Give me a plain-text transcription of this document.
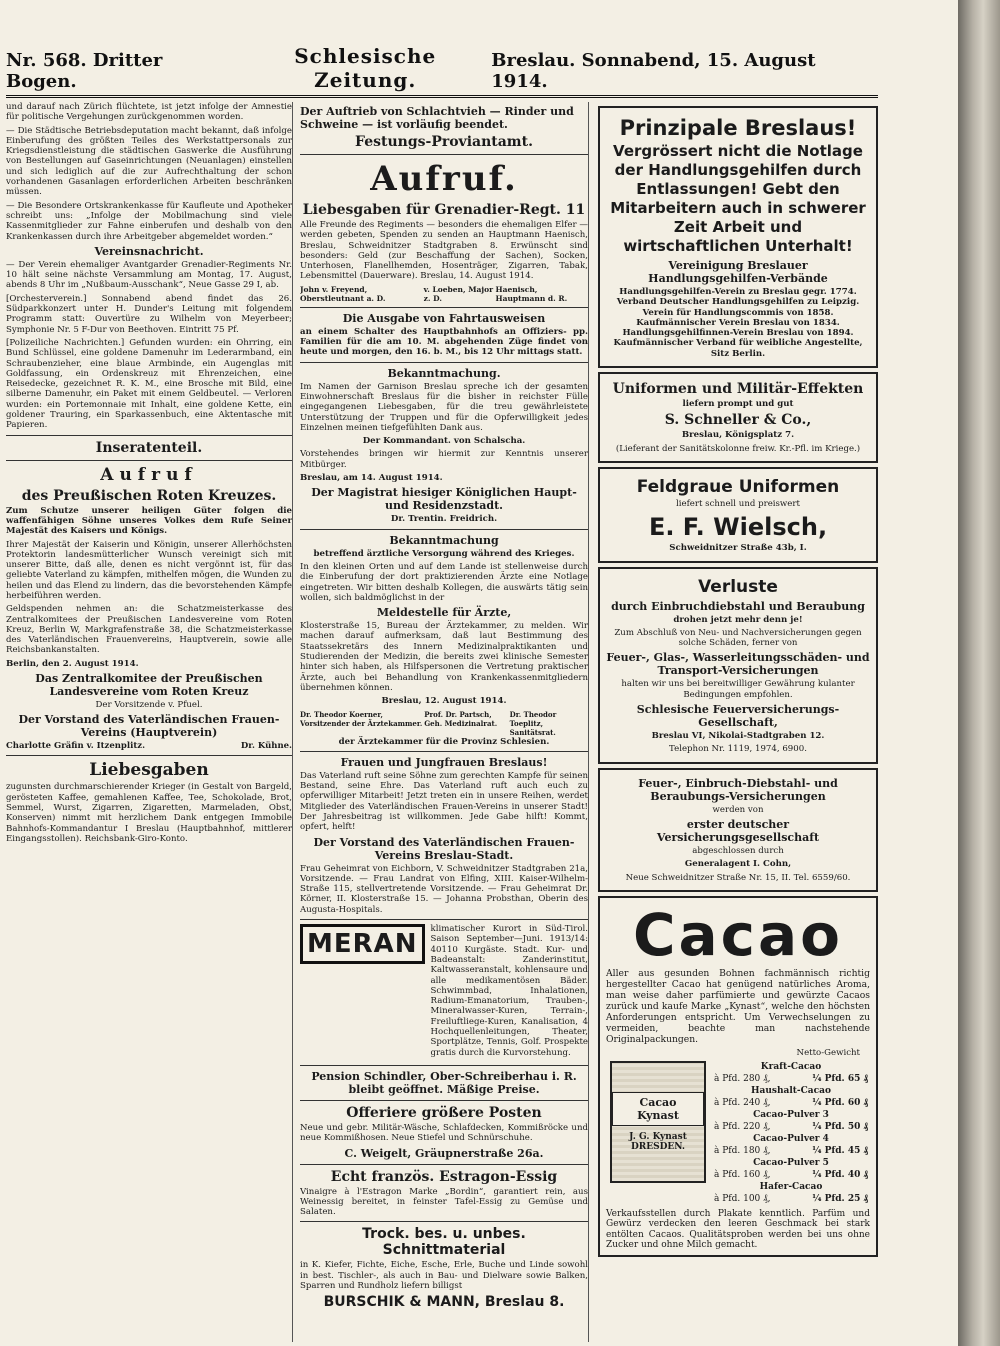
Nr. 568. Dritter Bogen.
Schlesische Zeitung.
Breslau. Sonnabend, 15. August 1914.

und darauf nach Zürich flüchtete, ist jetzt infolge der Amnestie für politische Vergehungen zurückgenommen worden.

— Die Städtische Betriebsdeputation macht bekannt, daß infolge Einberufung des größten Teiles des Werkstattpersonals zur Kriegsdienstleistung die städtischen Gaswerke die Ausführung von Bestellungen auf Gaseinrichtungen (Neuanlagen) einstellen und sich lediglich auf die zur Aufrechthaltung der schon vorhandenen Gasanlagen erforderlichen Arbeiten beschränken müssen.

— Die Besondere Ortskrankenkasse für Kaufleute und Apotheker schreibt uns: „Infolge der Mobilmachung sind viele Kassenmitglieder zur Fahne einberufen und deshalb von den Krankenkassen durch ihre Arbeitgeber abgemeldet worden.“

Vereinsnachricht.

— Der Verein ehemaliger Avantgarder Grenadier-Regiments Nr. 10 hält seine nächste Versammlung am Montag, 17. August, abends 8 Uhr im „Nußbaum-Ausschank“, Neue Gasse 29 I, ab.

[Orchesterverein.] Sonnabend abend findet das 26. Südparkkonzert unter H. Dunder's Leitung mit folgendem Programm statt: Ouvertüre zu Wilhelm von Meyerbeer; Symphonie Nr. 5 F-Dur von Beethoven. Eintritt 75 Pf.

[Polizeiliche Nachrichten.] Gefunden wurden: ein Ohrring, ein Bund Schlüssel, eine goldene Damenuhr im Lederarmband, ein Schraubenzieher, eine blaue Armbinde, ein Augenglas mit Goldfassung, ein Ordenskreuz mit Ehrenzeichen, eine Reisedecke, gezeichnet R. K. M., eine Brosche mit Bild, eine silberne Damenuhr, ein Paket mit einem Geldbeutel. — Verloren wurden: ein Portemonnaie mit Inhalt, eine goldene Kette, ein goldener Trauring, ein Sparkassenbuch, eine Aktentasche mit Papieren.

Inseratenteil.
Aufruf
des Preußischen Roten Kreuzes.

Zum Schutze unserer heiligen Güter folgen die waffenfähigen Söhne unseres Volkes dem Rufe Seiner Majestät des Kaisers und Königs.

Ihrer Majestät der Kaiserin und Königin, unserer Allerhöchsten Protektorin landesmütterlicher Wunsch vereinigt sich mit unserer Bitte, daß alle, denen es nicht vergönnt ist, für das geliebte Vaterland zu kämpfen, mithelfen mögen, die Wunden zu heilen und das Elend zu lindern, das die bevorstehenden Kämpfe herbeiführen werden.

Geldspenden nehmen an: die Schatzmeisterkasse des Zentralkomitees der Preußischen Landesvereine vom Roten Kreuz, Berlin W, Markgrafenstraße 38, die Schatzmeisterkasse des Vaterländischen Frauenvereins, Hauptverein, sowie alle Reichsbankanstalten.

Berlin, den 2. August 1914.

Das Zentralkomitee der Preußischen Landesvereine vom Roten Kreuz
Der Vorsitzende v. Pfuel.
Der Vorstand des Vaterländischen Frauen-Vereins (Hauptverein)
Charlotte Gräfin v. Itzenplitz.	Dr. Kühne.
Liebesgaben

zugunsten durchmarschierender Krieger (in Gestalt von Bargeld, gerösteten Kaffee, gemahlenen Kaffee, Tee, Schokolade, Brot, Semmel, Wurst, Zigarren, Zigaretten, Marmeladen, Obst, Konserven) nimmt mit herzlichem Dank entgegen Immobile Bahnhofs-Kommandantur I Breslau (Hauptbahnhof, mittlerer Eingangsstollen). Reichsbank-Giro-Konto.

Der Auftrieb von Schlachtvieh — Rinder und Schweine — ist vorläufig beendet.
Festungs-Proviantamt.
Aufruf.
Liebesgaben für Grenadier-Regt. 11

Alle Freunde des Regiments — besonders die ehemaligen Elfer — werden gebeten, Spenden zu senden an Hauptmann Haenisch, Breslau, Schweidnitzer Stadtgraben 8. Erwünscht sind besonders: Geld (zur Beschaffung der Sachen), Socken, Unterhosen, Flanellhemden, Hosenträger, Zigarren, Tabak, Lebensmittel (Dauerware). Breslau, 14. August 1914.

John v. Freyend, Oberstleutnant a. D.
v. Loeben, Major z. D.
Haenisch, Hauptmann d. R.
Die Ausgabe von Fahrtausweisen

an einem Schalter des Hauptbahnhofs an Offiziers- pp. Familien für die am 10. M. abgehenden Züge findet von heute und morgen, den 16. b. M., bis 12 Uhr mittags statt.

Bekanntmachung.

Im Namen der Garnison Breslau spreche ich der gesamten Einwohnerschaft Breslaus für die bisher in reichster Fülle eingegangenen Liebesgaben, für die treu gewährleistete Unterstützung der Truppen und für die Opferwilligkeit jedes Einzelnen meinen tiefgefühlten Dank aus.

Der Kommandant. von Schalscha.

Vorstehendes bringen wir hiermit zur Kenntnis unserer Mitbürger.

Breslau, am 14. August 1914.
Der Magistrat hiesiger Königlichen Haupt- und Residenzstadt.
Dr. Trentin. Freidrich.
Bekanntmachung
betreffend ärztliche Versorgung während des Krieges.

In den kleinen Orten und auf dem Lande ist stellenweise durch die Einberufung der dort praktizierenden Ärzte eine Notlage eingetreten. Wir bitten deshalb Kollegen, die auswärts tätig sein wollen, sich baldmöglichst in der

Meldestelle für Ärzte,

Klosterstraße 15, Bureau der Ärztekammer, zu melden. Wir machen darauf aufmerksam, daß laut Bestimmung des Staatssekretärs des Innern Medizinalpraktikanten und Studierenden der Medizin, die bereits zwei klinische Semester hinter sich haben, als Hilfspersonen die Vertretung praktischer Ärzte, auch bei Behandlung von Krankenkassenmitgliedern übernehmen können.

Breslau, 12. August 1914.
Dr. Theodor Koerner, Vorsitzender der Ärztekammer.
Prof. Dr. Partsch, Geh. Medizinalrat.
Dr. Theodor Toeplitz, Sanitätsrat.
der Ärztekammer für die Provinz Schlesien.
Frauen und Jungfrauen Breslaus!

Das Vaterland ruft seine Söhne zum gerechten Kampfe für seinen Bestand, seine Ehre. Das Vaterland ruft auch euch zu opferwilliger Mitarbeit! Jetzt treten ein in unsere Reihen, werdet Mitglieder des Vaterländischen Frauen-Vereins in unserer Stadt! Der Jahresbeitrag ist willkommen. Jede Gabe hilft! Kommt, opfert, helft!

Der Vorstand des Vaterländischen Frauen-Vereins Breslau-Stadt.

Frau Geheimrat von Eichborn, V. Schweidnitzer Stadtgraben 21a, Vorsitzende. — Frau Landrat von Elfing, XIII. Kaiser-Wilhelm-Straße 115, stellvertretende Vorsitzende. — Frau Geheimrat Dr. Körner, II. Klosterstraße 15. — Johanna Probsthan, Oberin des Augusta-Hospitals.

MERAN	klimatischer Kurort in Süd-Tirol. Saison September—Juni. 1913/14: 40110 Kurgäste. Stadt. Kur- und Badeanstalt: Zanderinstitut, Kaltwasseranstalt, kohlensaure und alle medikamentösen Bäder. Schwimmbad, Inhalationen, Radium-Emanatorium, Trauben-, Mineralwasser-Kuren, Terrain-, Freiluftliege-Kuren, Kanalisation, 4 Hochquellenleitungen, Theater, Sportplätze, Tennis, Golf. Prospekte gratis durch die Kurvorstehung.

Pension Schindler, Ober-Schreiberhau i. R. bleibt geöffnet. Mäßige Preise.
Offeriere größere Posten

Neue und gebr. Militär-Wäsche, Schlafdecken, Kommißröcke und neue Kommißhosen. Neue Stiefel und Schnürschuhe.

C. Weigelt, Gräupnerstraße 26a.
Echt französ. Estragon-Essig

Vinaigre à l'Estragon Marke „Bordin“, garantiert rein, aus Weinessig bereitet, in feinster Tafel-Essig zu Gemüse und Salaten.

Trock. bes. u. unbes. Schnittmaterial

in K. Kiefer, Fichte, Eiche, Esche, Erle, Buche und Linde sowohl in best. Tischler-, als auch in Bau- und Dielware sowie Balken, Sparren und Rundholz liefern billigst

BURSCHIK & MANN, Breslau 8.
Prinzipale Breslaus!
Vergrössert nicht die Notlage der Handlungsgehilfen durch Entlassungen! Gebt den Mitarbeitern auch in schwerer Zeit Arbeit und wirtschaftlichen Unterhalt!
Vereinigung Breslauer Handlungsgehilfen-Verbände

Handlungsgehilfen-Verein zu Breslau gegr. 1774. Verband Deutscher Handlungsgehilfen zu Leipzig. Verein für Handlungscommis von 1858. Kaufmännischer Verein Breslau von 1834. Handlungsgehilfinnen-Verein Breslau von 1894. Kaufmännischer Verband für weibliche Angestellte, Sitz Berlin.

Uniformen und Militär-Effekten
liefern prompt und gut
S. Schneller & Co.,
Breslau, Königsplatz 7.
(Lieferant der Sanitätskolonne freiw. Kr.-Pfl. im Kriege.)
Feldgraue Uniformen
liefert schnell und preiswert
E. F. Wielsch,
Schweidnitzer Straße 43b, I.
Verluste
durch Einbruchdiebstahl und Beraubung
drohen jetzt mehr denn je!

Zum Abschluß von Neu- und Nachversicherungen gegen solche Schäden, ferner von

Feuer-, Glas-, Wasserleitungsschäden- und Transport-Versicherungen

halten wir uns bei bereitwilliger Gewährung kulanter Bedingungen empfohlen.

Schlesische Feuerversicherungs-Gesellschaft,
Breslau VI, Nikolai-Stadtgraben 12.
Telephon Nr. 1119, 1974, 6900.
Feuer-, Einbruch-Diebstahl- und Beraubungs-Versicherungen
werden von
erster deutscher Versicherungsgesellschaft
abgeschlossen durch
Generalagent I. Cohn,
Neue Schweidnitzer Straße Nr. 15, II. Tel. 6559/60.
Cacao

Aller aus gesunden Bohnen fachmännisch richtig hergestellter Cacao hat genügend natürliches Aroma, man weise daher parfümierte und gewürzte Cacaos zurück und kaufe Marke „Kynast“, welche den höchsten Anforderungen entspricht. Um Verwechselungen zu vermeiden, beachte man nachstehende Originalpackungen.

Netto-Gewicht
Cacao Kynast
J. G. Kynast DRESDEN.
Kraft-Cacao	
à Pfd. 280 ₰,	¼ Pfd. 65 ₰
Haushalt-Cacao	
à Pfd. 240 ₰,	¼ Pfd. 60 ₰
Cacao-Pulver 3	
à Pfd. 220 ₰,	¼ Pfd. 50 ₰
Cacao-Pulver 4	
à Pfd. 180 ₰,	¼ Pfd. 45 ₰
Cacao-Pulver 5	
à Pfd. 160 ₰,	¼ Pfd. 40 ₰
Hafer-Cacao	
à Pfd. 100 ₰,	¼ Pfd. 25 ₰

Verkaufsstellen durch Plakate kenntlich. Parfüm und Gewürz verdecken den leeren Geschmack bei stark entölten Cacaos. Qualitätsproben werden bei uns ohne Zucker und ohne Milch gemacht.
